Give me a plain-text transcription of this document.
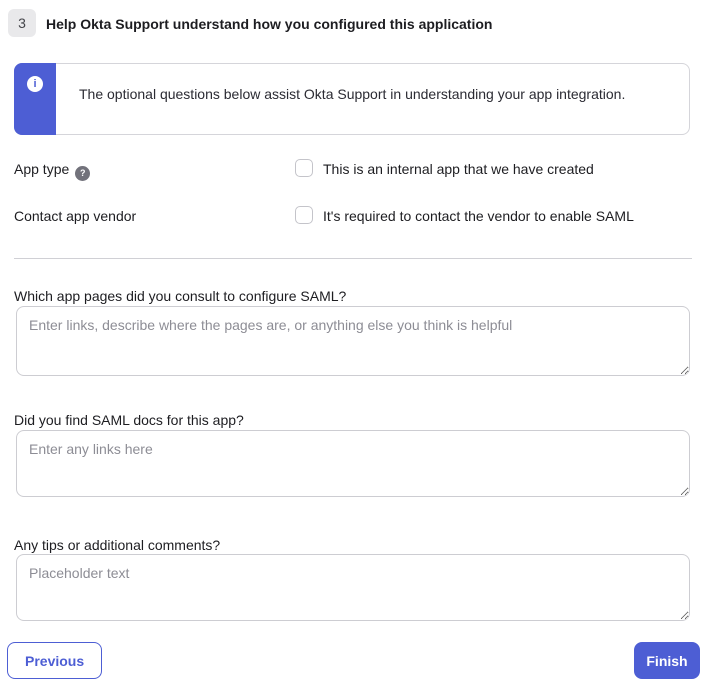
3 Help Okta Support understand how you configured this application
i
The optional questions below assist Okta Support in understanding your app integration.
App type ?	This is an internal app that we have created
Contact app vendor	It's required to contact the vendor to enable SAML
Which app pages did you consult to configure SAML?
Enter links, describe where the pages are, or anything else you think is helpful
Did you find SAML docs for this app?
Enter any links here
Any tips or additional comments?
Placeholder text
Previous	Finish
